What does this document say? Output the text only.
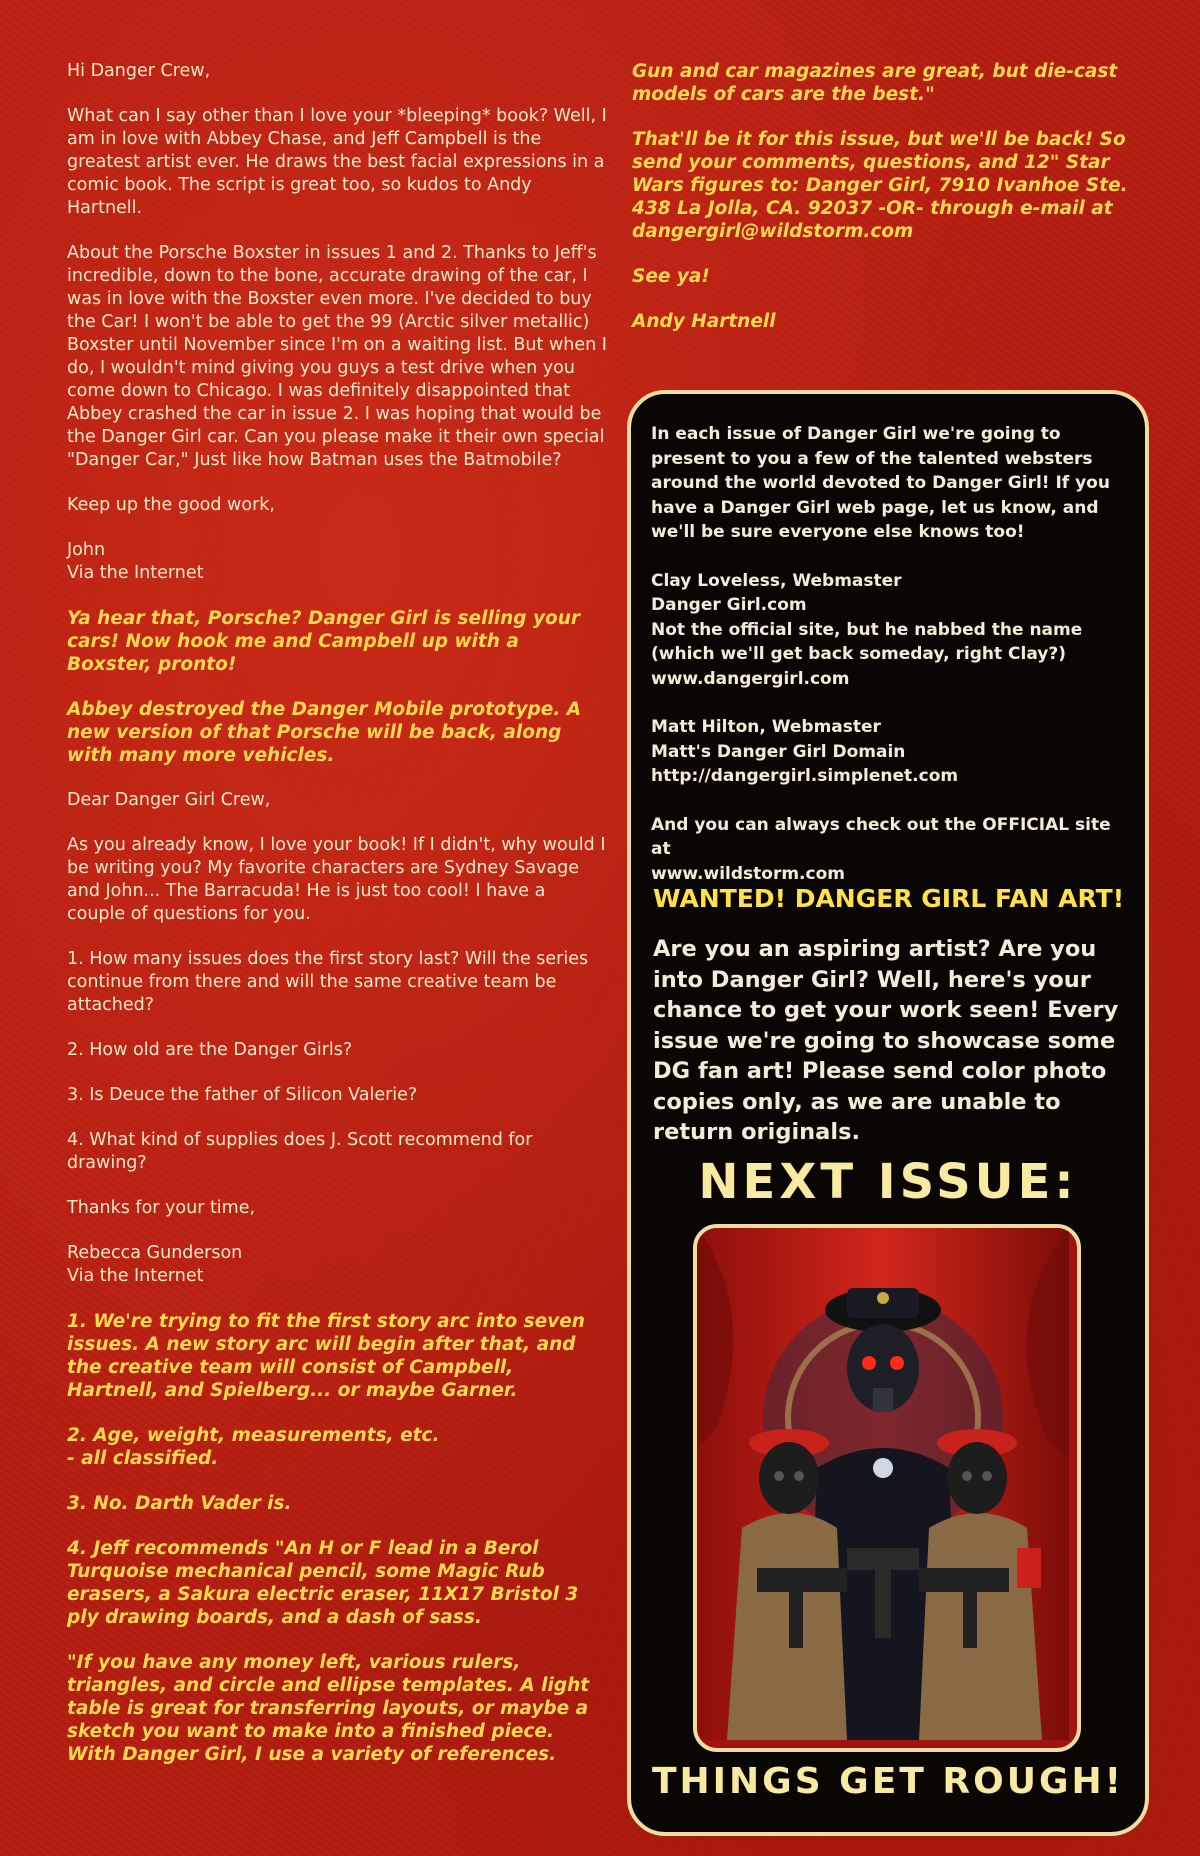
Hi Danger Crew,

What can I say other than I love your *bleeping* book? Well, I am in love with Abbey Chase, and Jeff Campbell is the greatest artist ever. He draws the best facial expressions in a comic book. The script is great too, so kudos to Andy Hartnell.

About the Porsche Boxster in issues 1 and 2. Thanks to Jeff's incredible, down to the bone, accurate drawing of the car, I was in love with the Boxster even more. I've decided to buy the Car! I won't be able to get the 99 (Arctic silver metallic) Boxster until November since I'm on a waiting list. But when I do, I wouldn't mind giving you guys a test drive when you come down to Chicago. I was definitely disappointed that Abbey crashed the car in issue 2. I was hoping that would be the Danger Girl car. Can you please make it their own special "Danger Car," Just like how Batman uses the Batmobile?

Keep up the good work,

John
Via the Internet

Ya hear that, Porsche? Danger Girl is selling your cars! Now hook me and Campbell up with a Boxster, pronto!

Abbey destroyed the Danger Mobile prototype. A new version of that Porsche will be back, along with many more vehicles.

Dear Danger Girl Crew,

As you already know, I love your book! If I didn't, why would I be writing you? My favorite characters are Sydney Savage and John... The Barracuda! He is just too cool! I have a couple of questions for you.

1. How many issues does the first story last? Will the series continue from there and will the same creative team be attached?

2. How old are the Danger Girls?

3. Is Deuce the father of Silicon Valerie?

4. What kind of supplies does J. Scott recommend for drawing?

Thanks for your time,

Rebecca Gunderson
Via the Internet

1. We're trying to fit the first story arc into seven issues. A new story arc will begin after that, and the creative team will consist of Campbell, Hartnell, and Spielberg... or maybe Garner.

2. Age, weight, measurements, etc.
- all classified.

3. No. Darth Vader is.

4. Jeff recommends "An H or F lead in a Berol Turquoise mechanical pencil, some Magic Rub erasers, a Sakura electric eraser, 11X17 Bristol 3 ply drawing boards, and a dash of sass.

"If you have any money left, various rulers, triangles, and circle and ellipse templates. A light table is great for transferring layouts, or maybe a sketch you want to make into a finished piece. With Danger Girl, I use a variety of references.

Gun and car magazines are great, but die-cast models of cars are the best."

That'll be it for this issue, but we'll be back! So send your comments, questions, and 12" Star Wars figures to: Danger Girl, 7910 Ivanhoe Ste. 438 La Jolla, CA. 92037 -OR- through e-mail at dangergirl@wildstorm.com

See ya!

Andy Hartnell

In each issue of Danger Girl we're going to present to you a few of the talented websters around the world devoted to Danger Girl! If you have a Danger Girl web page, let us know, and we'll be sure everyone else knows too!

Clay Loveless, Webmaster
Danger Girl.com
Not the official site, but he nabbed the name
(which we'll get back someday, right Clay?)
www.dangergirl.com

Matt Hilton, Webmaster
Matt's Danger Girl Domain
http://dangergirl.simplenet.com

And you can always check out the OFFICIAL site at
www.wildstorm.com

WANTED! DANGER GIRL FAN ART!
Are you an aspiring artist? Are you into Danger Girl? Well, here's your chance to get your work seen! Every issue we're going to showcase some DG fan art! Please send color photo copies only, as we are unable to return originals.
NEXT ISSUE:
THINGS GET ROUGH!
